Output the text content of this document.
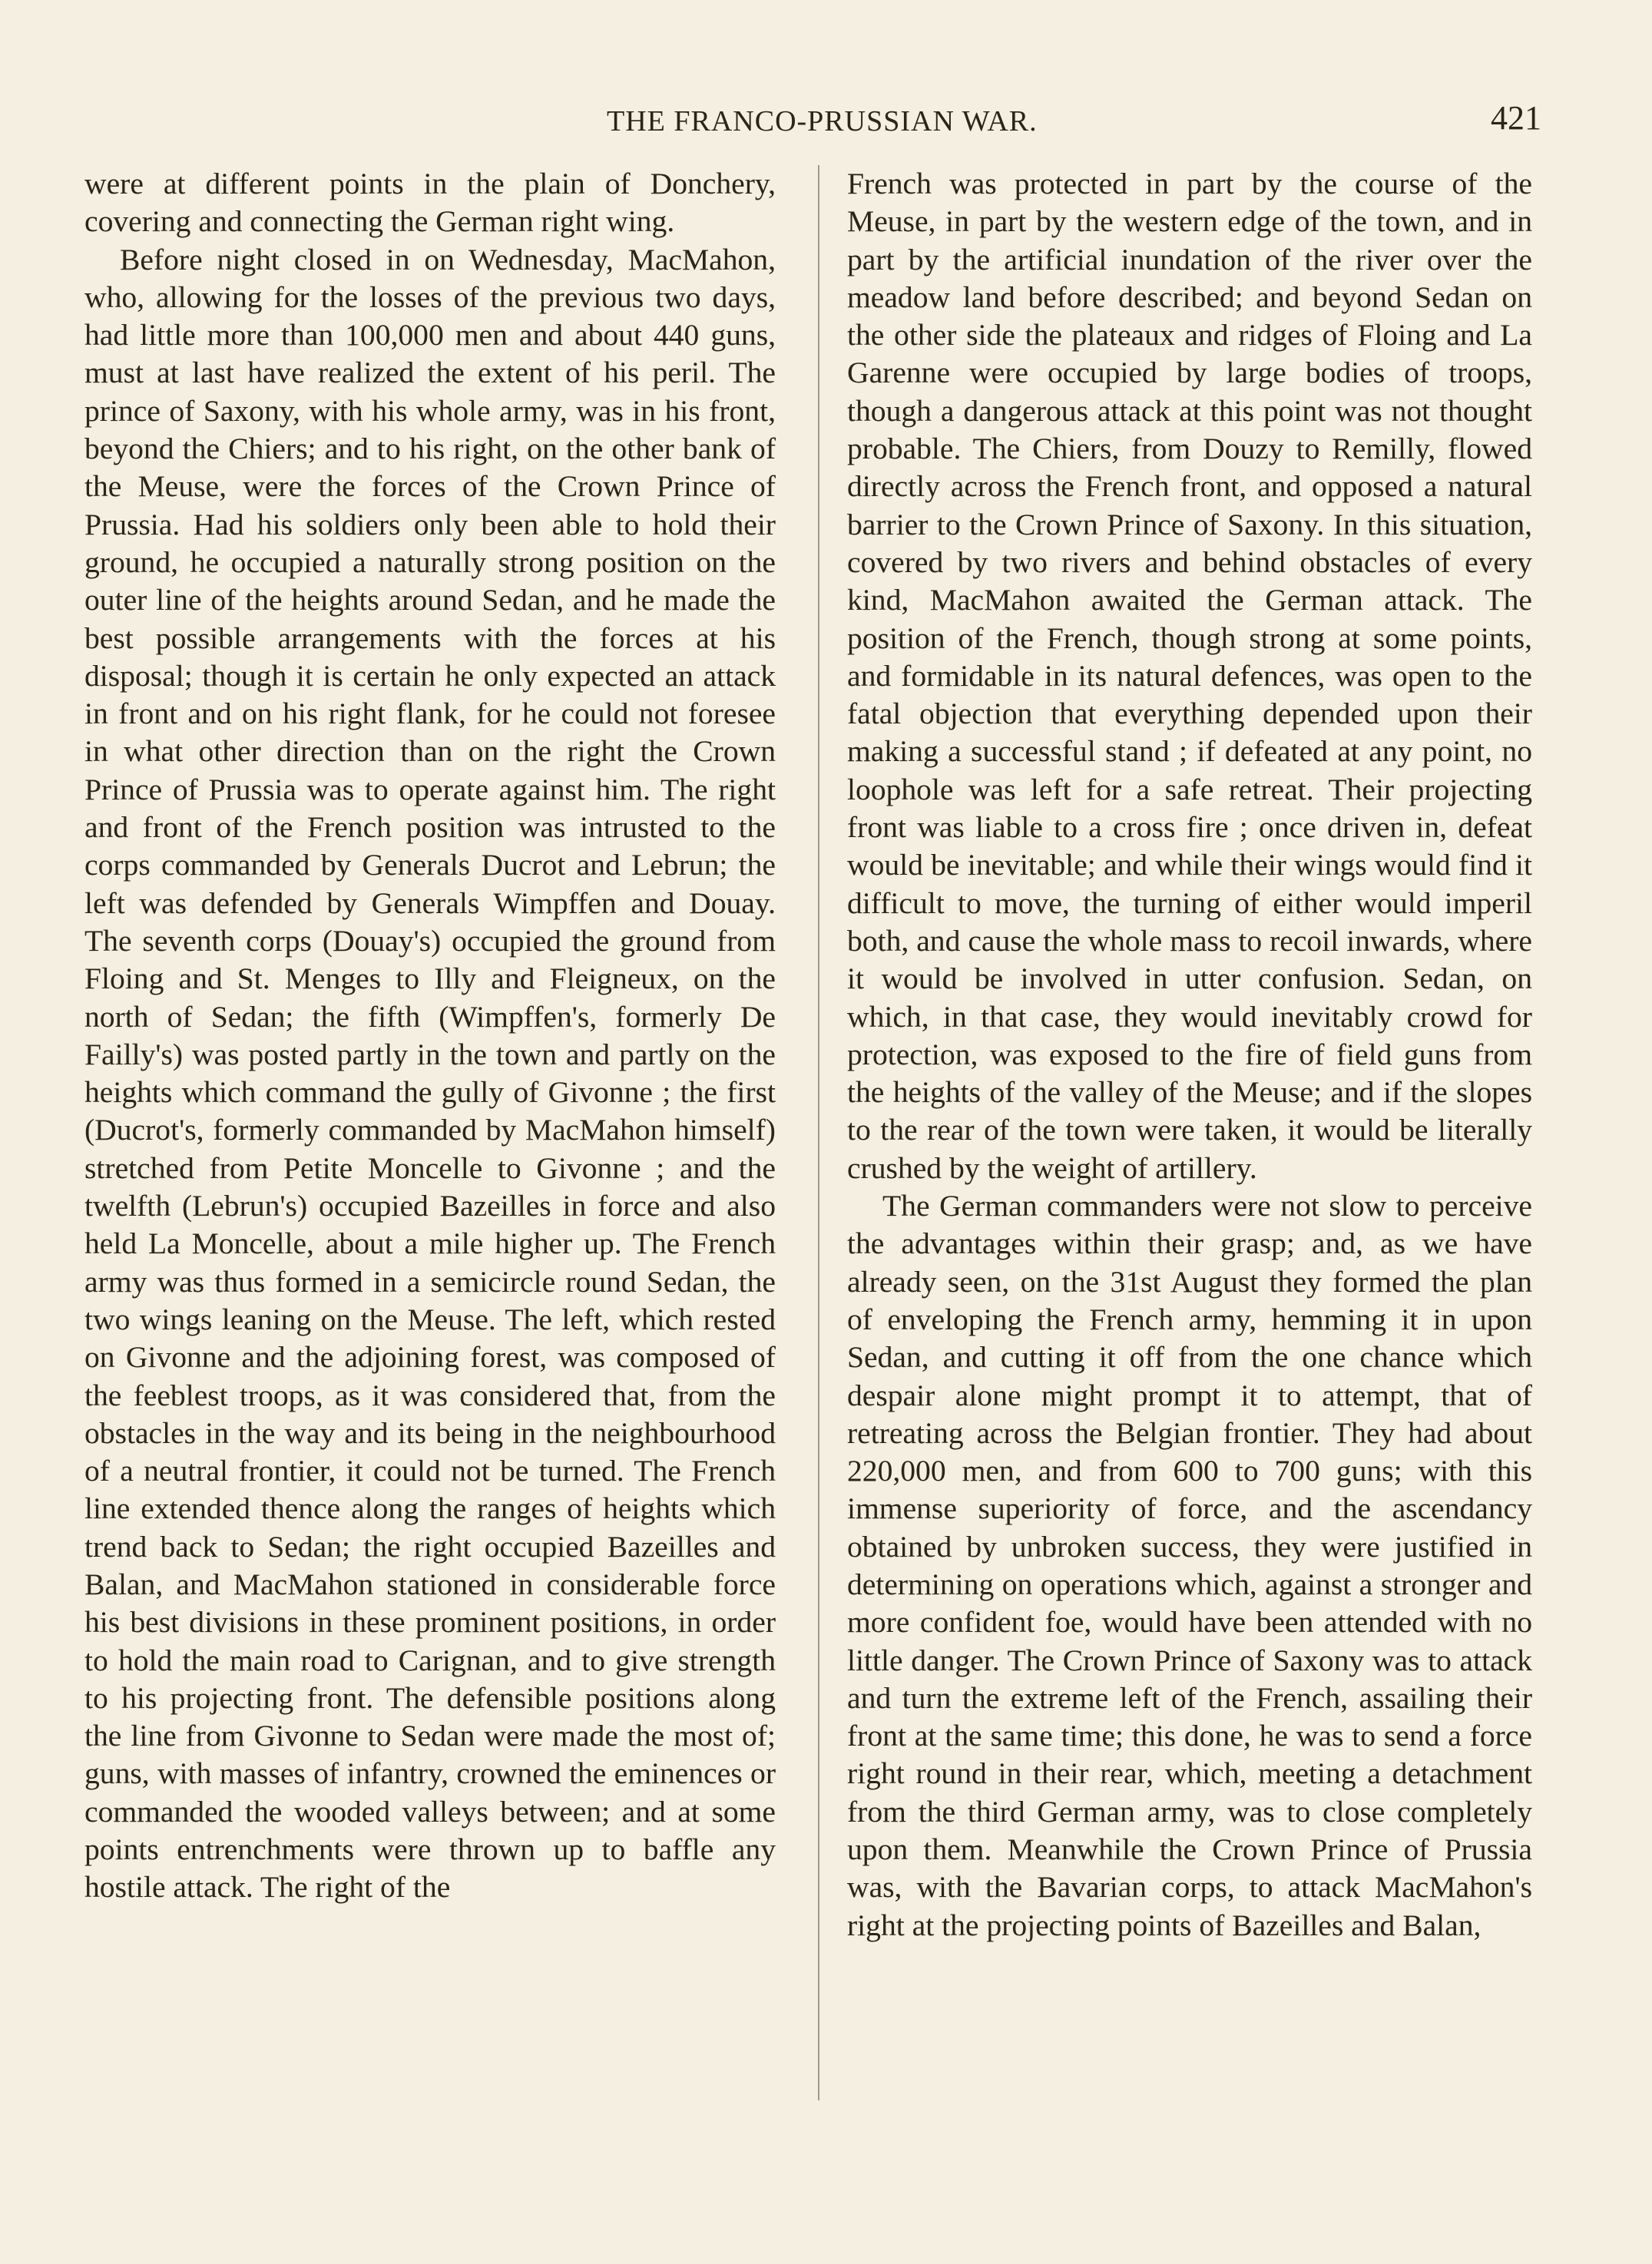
THE FRANCO-PRUSSIAN WAR.	421

were at different points in the plain of Donchery, covering and connecting the German right wing.

Before night closed in on Wednesday, MacMahon, who, allowing for the losses of the previous two days, had little more than 100,000 men and about 440 guns, must at last have realized the extent of his peril. The prince of Saxony, with his whole army, was in his front, beyond the Chiers; and to his right, on the other bank of the Meuse, were the forces of the Crown Prince of Prussia. Had his soldiers only been able to hold their ground, he occupied a naturally strong position on the outer line of the heights around Sedan, and he made the best possible arrangements with the forces at his disposal; though it is certain he only expected an attack in front and on his right flank, for he could not foresee in what other direction than on the right the Crown Prince of Prussia was to operate against him. The right and front of the French position was intrusted to the corps commanded by Generals Ducrot and Lebrun; the left was defended by Generals Wimpffen and Douay. The seventh corps (Douay's) occupied the ground from Floing and St. Menges to Illy and Fleigneux, on the north of Sedan; the fifth (Wimpffen's, formerly De Failly's) was posted partly in the town and partly on the heights which command the gully of Givonne ; the first (Ducrot's, formerly commanded by MacMahon himself) stretched from Petite Moncelle to Givonne ; and the twelfth (Lebrun's) occupied Bazeilles in force and also held La Moncelle, about a mile higher up. The French army was thus formed in a semicircle round Sedan, the two wings leaning on the Meuse. The left, which rested on Givonne and the adjoining forest, was composed of the feeblest troops, as it was considered that, from the obstacles in the way and its being in the neighbourhood of a neutral frontier, it could not be turned. The French line extended thence along the ranges of heights which trend back to Sedan; the right occupied Bazeilles and Balan, and MacMahon stationed in considerable force his best divisions in these prominent positions, in order to hold the main road to Carignan, and to give strength to his projecting front. The defensible positions along the line from Givonne to Sedan were made the most of; guns, with masses of infantry, crowned the eminences or commanded the wooded valleys between; and at some points entrenchments were thrown up to baffle any hostile attack. The right of the

French was protected in part by the course of the Meuse, in part by the western edge of the town, and in part by the artificial inundation of the river over the meadow land before described; and beyond Sedan on the other side the plateaux and ridges of Floing and La Garenne were occupied by large bodies of troops, though a dangerous attack at this point was not thought probable. The Chiers, from Douzy to Remilly, flowed directly across the French front, and opposed a natural barrier to the Crown Prince of Saxony. In this situation, covered by two rivers and behind obstacles of every kind, MacMahon awaited the German attack. The position of the French, though strong at some points, and formidable in its natural defences, was open to the fatal objection that everything depended upon their making a successful stand ; if defeated at any point, no loophole was left for a safe retreat. Their projecting front was liable to a cross fire ; once driven in, defeat would be inevitable; and while their wings would find it difficult to move, the turning of either would imperil both, and cause the whole mass to recoil inwards, where it would be involved in utter confusion. Sedan, on which, in that case, they would inevitably crowd for protection, was exposed to the fire of field guns from the heights of the valley of the Meuse; and if the slopes to the rear of the town were taken, it would be literally crushed by the weight of artillery.

The German commanders were not slow to perceive the advantages within their grasp; and, as we have already seen, on the 31st August they formed the plan of enveloping the French army, hemming it in upon Sedan, and cutting it off from the one chance which despair alone might prompt it to attempt, that of retreating across the Belgian frontier. They had about 220,000 men, and from 600 to 700 guns; with this immense superiority of force, and the ascendancy obtained by unbroken success, they were justified in determining on operations which, against a stronger and more confident foe, would have been attended with no little danger. The Crown Prince of Saxony was to attack and turn the extreme left of the French, assailing their front at the same time; this done, he was to send a force right round in their rear, which, meeting a detachment from the third German army, was to close completely upon them. Meanwhile the Crown Prince of Prussia was, with the Bavarian corps, to attack MacMahon's right at the projecting points of Bazeilles and Balan,
